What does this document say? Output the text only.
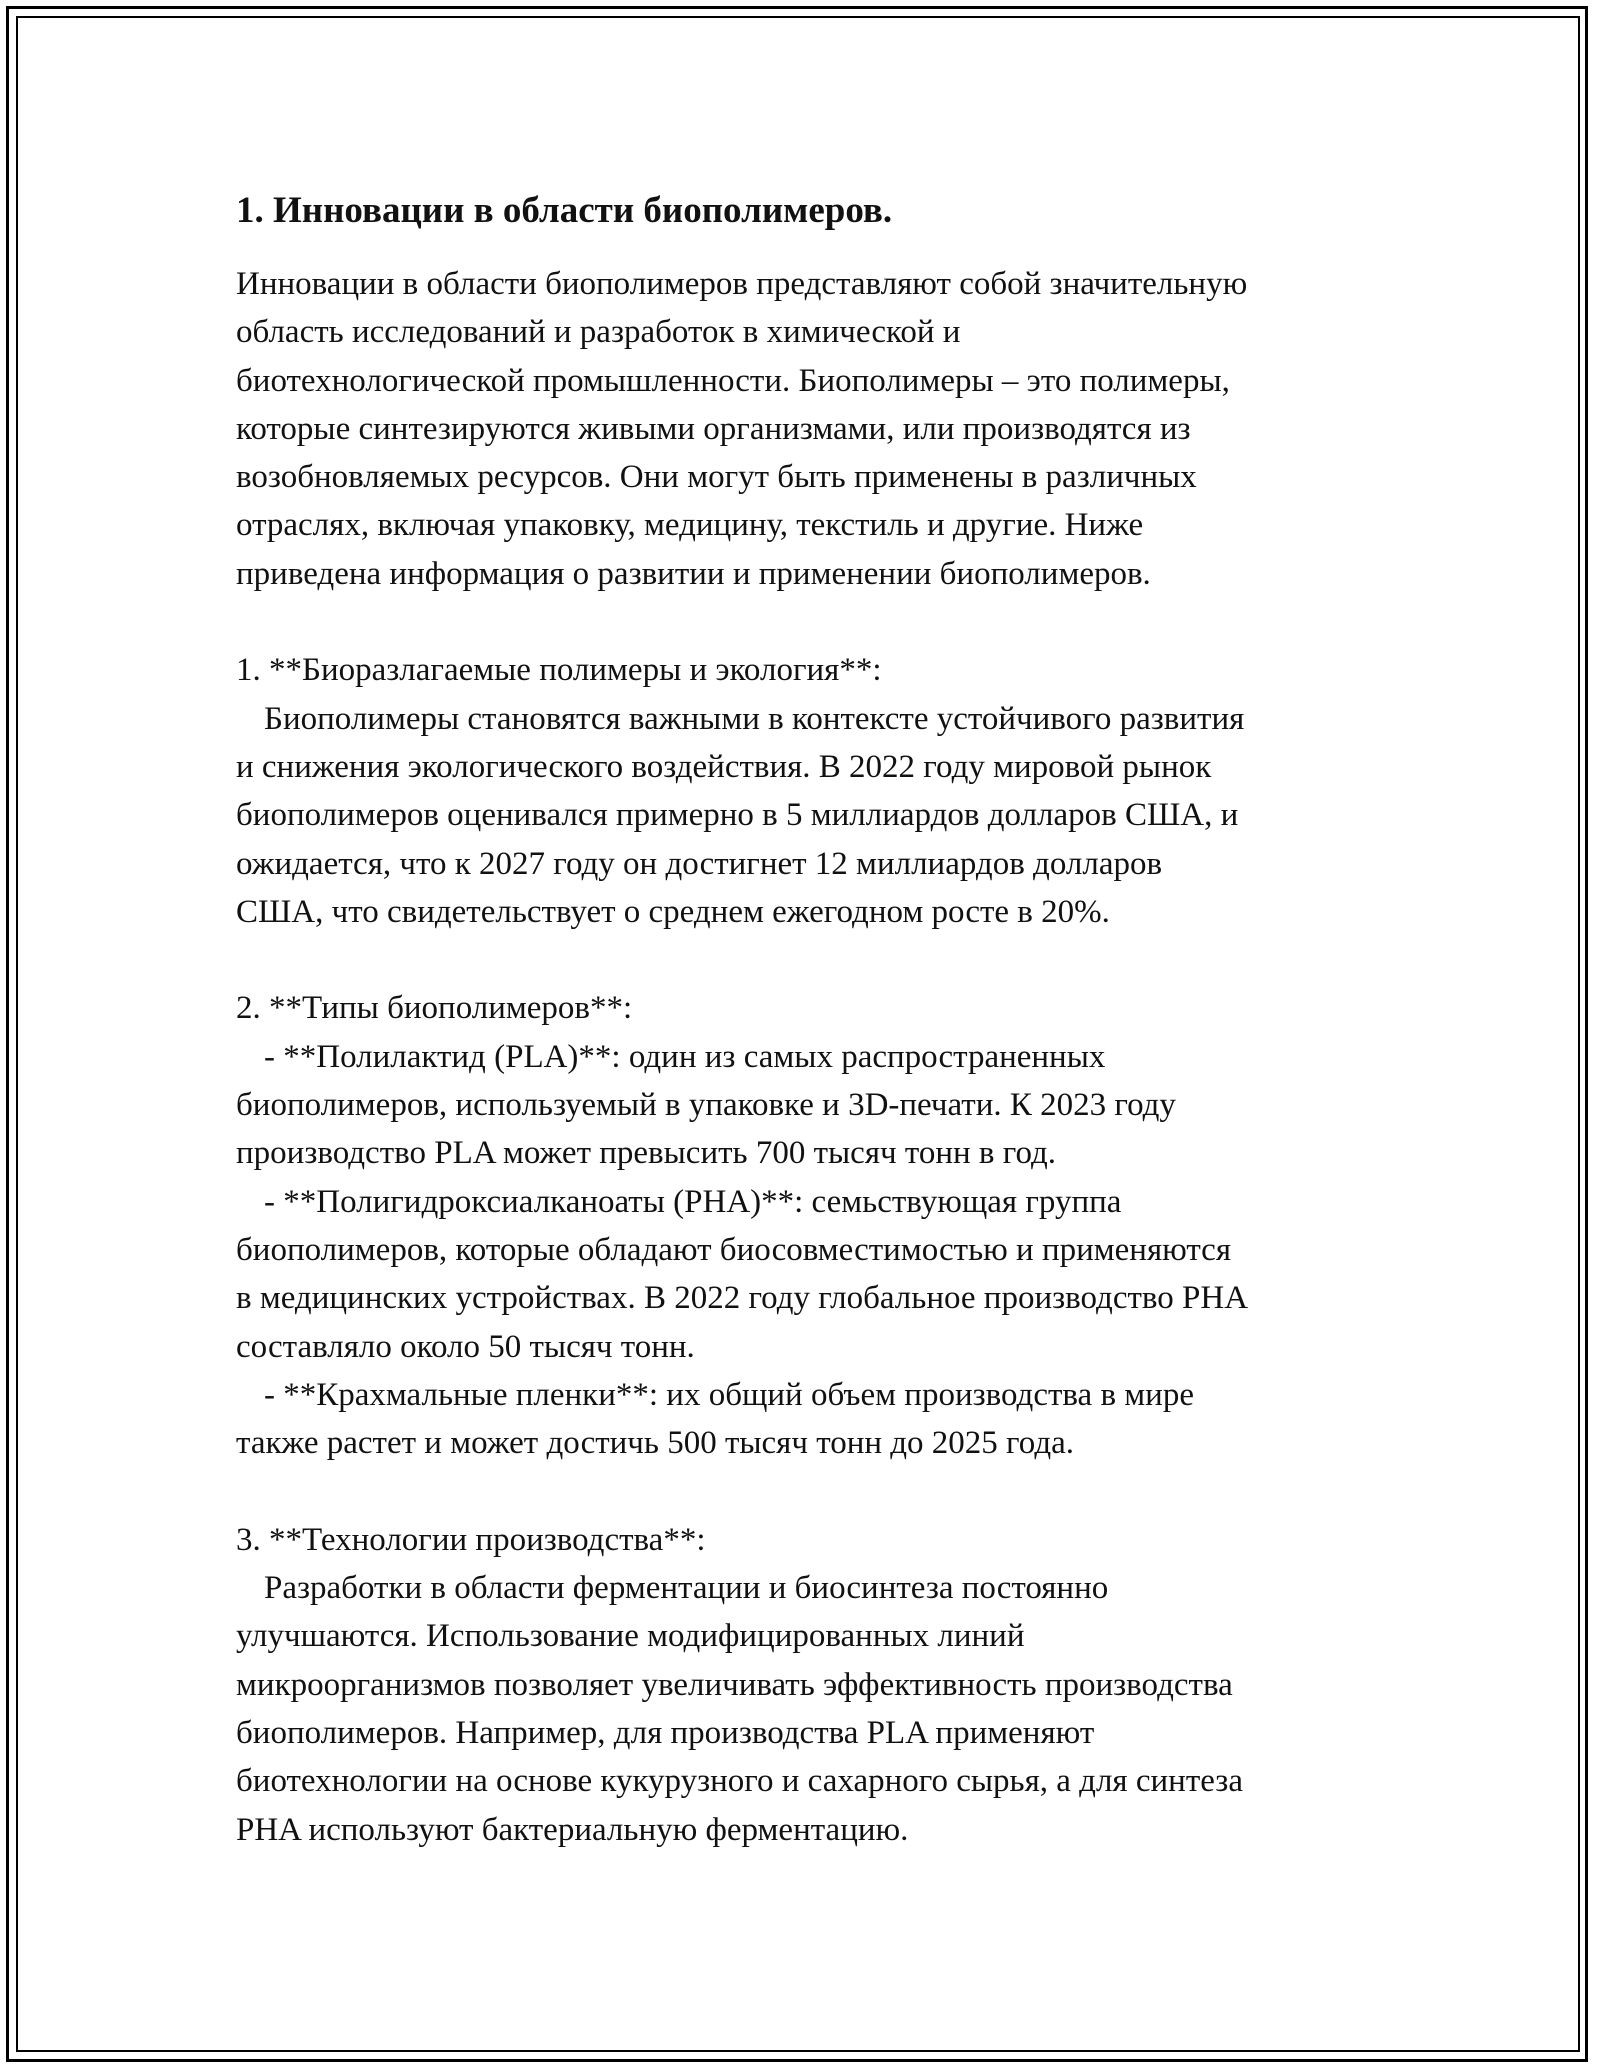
1. Инновации в области биополимеров.
Инновации в области биополимеров представляют собой значительную
область исследований и разработок в химической и
биотехнологической промышленности. Биополимеры – это полимеры,
которые синтезируются живыми организмами, или производятся из
возобновляемых ресурсов. Они могут быть применены в различных
отраслях, включая упаковку, медицину, текстиль и другие. Ниже
приведена информация о развитии и применении биополимеров.
1. **Биоразлагаемые полимеры и экология**:
Биополимеры становятся важными в контексте устойчивого развития
и снижения экологического воздействия. В 2022 году мировой рынок
биополимеров оценивался примерно в 5 миллиардов долларов США, и
ожидается, что к 2027 году он достигнет 12 миллиардов долларов
США, что свидетельствует о среднем ежегодном росте в 20%.
2. **Типы биополимеров**:
- **Полилактид (PLA)**: один из самых распространенных
биополимеров, используемый в упаковке и 3D-печати. К 2023 году
производство PLA может превысить 700 тысяч тонн в год.
- **Полигидроксиалканоаты (PHA)**: семьствующая группа
биополимеров, которые обладают биосовместимостью и применяются
в медицинских устройствах. В 2022 году глобальное производство PHA
составляло около 50 тысяч тонн.
- **Крахмальные пленки**: их общий объем производства в мире
также растет и может достичь 500 тысяч тонн до 2025 года.
3. **Технологии производства**:
Разработки в области ферментации и биосинтеза постоянно
улучшаются. Использование модифицированных линий
микроорганизмов позволяет увеличивать эффективность производства
биополимеров. Например, для производства PLA применяют
биотехнологии на основе кукурузного и сахарного сырья, а для синтеза
PHA используют бактериальную ферментацию.
